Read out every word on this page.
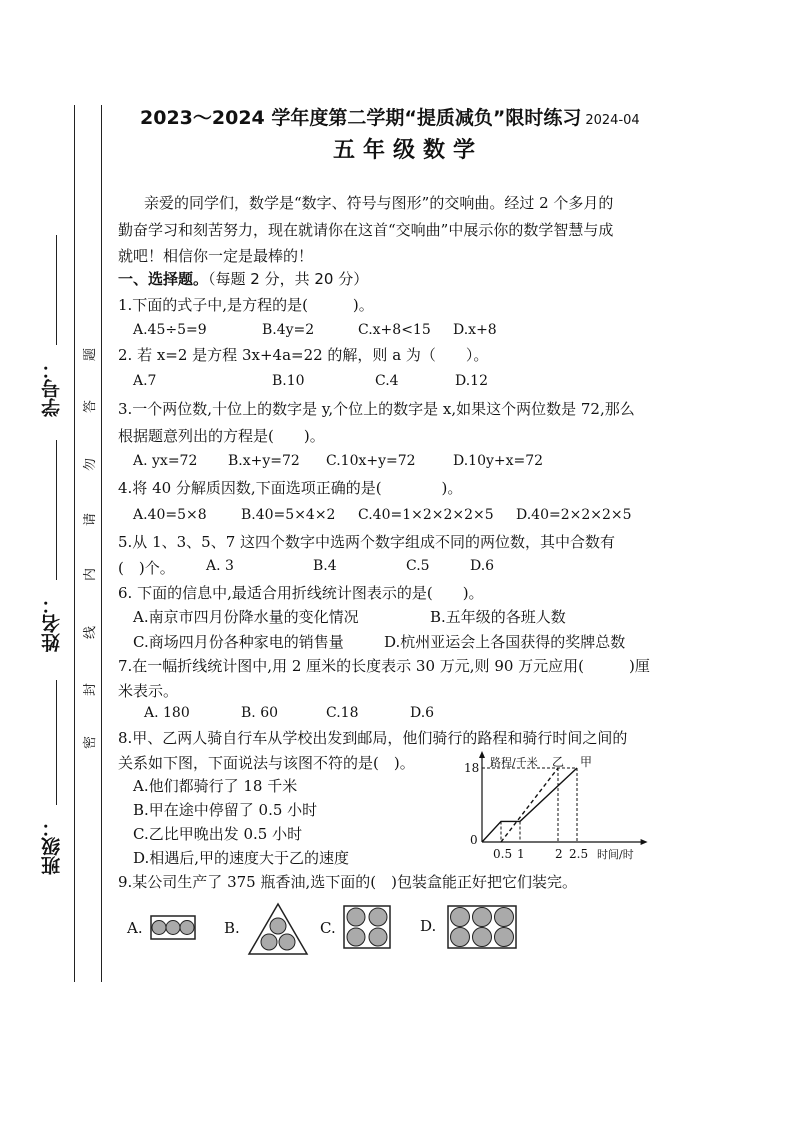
学号：
姓名：
班级：
题
答
勿
请
内
线
封
密
2023～2024 学年度第二学期“提质减负”限时练习 2024-04
五年级数学
亲爱的同学们，数学是“数字、符号与图形”的交响曲。经过 2 个多月的
勤奋学习和刻苦努力，现在就请你在这首“交响曲”中展示你的数学智慧与成
就吧！相信你一定是最棒的！
一、选择题。（每题 2 分，共 20 分）
1.下面的式子中,是方程的是(　　　)。
A.45÷5=9	B.4y=2	C.x+8<15 D.x+8
2. 若 x=2 是方程 3x+4a=22 的解，则 a 为（　　）。
A.7	B.10	C.4	D.12
3.一个两位数,十位上的数字是 y,个位上的数字是 x,如果这个两位数是 72,那么
根据题意列出的方程是(　　)。
A. yx=72 B.x+y=72 C.10x+y=72	D.10y+x=72
4.将 40 分解质因数,下面选项正确的是(　　　　)。
A.40=5×8 B.40=5×4×2 C.40=1×2×2×2×5 D.40=2×2×2×5
5.从 1、3、5、7 这四个数字中选两个数字组成不同的两位数，其中合数有
(　)个。 A. 3	B.4	C.5	D.6
6. 下面的信息中,最适合用折线统计图表示的是(　　)。
A.南京市四月份降水量的变化情况	B.五年级的各班人数
C.商场四月份各种家电的销售量	D.杭州亚运会上各国获得的奖牌总数
7.在一幅折线统计图中,用 2 厘米的长度表示 30 万元,则 90 万元应用(　　　)厘
米表示。
A. 180	B. 60	C.18	D.6
8.甲、乙两人骑自行车从学校出发到邮局，他们骑行的路程和骑行时间之间的
关系如下图，下面说法与该图不符的是(　)。
A.他们都骑行了 18 千米
B.甲在途中停留了 0.5 小时
C.乙比甲晚出发 0.5 小时
D.相遇后,甲的速度大于乙的速度
路程/千米
时间/时
0
18
0.5 1	2 2.5
甲
乙
9.某公司生产了 375 瓶香油,选下面的(　)包装盒能正好把它们装完。
A.	B.	C.	D.
